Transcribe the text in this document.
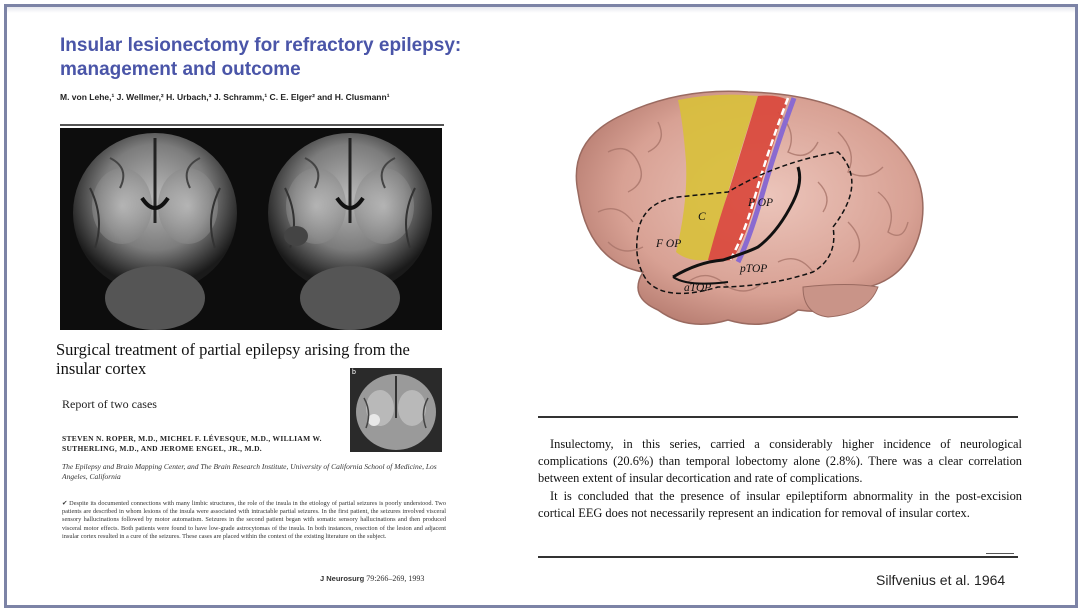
Insular lesionectomy for refractory epilepsy: management and outcome
M. von Lehe,¹ J. Wellmer,² H. Urbach,³ J. Schramm,¹ C. E. Elger² and H. Clusmann¹
Surgical treatment of partial epilepsy arising from the insular cortex
Report of two cases
STEVEN N. ROPER, M.D., MICHEL F. LÉVESQUE, M.D., WILLIAM W. SUTHERLING, M.D., AND JEROME ENGEL, JR., M.D.
The Epilepsy and Brain Mapping Center, and The Brain Research Institute, University of California School of Medicine, Los Angeles, California
b
✔ Despite its documented connections with many limbic structures, the role of the insula in the etiology of partial seizures is poorly understood. Two patients are described in whom lesions of the insula were associated with intractable partial seizures. In the first patient, the seizures involved visceral sensory hallucinations followed by motor automatism. Seizures in the second patient began with somatic sensory hallucinations and then produced visceral motor effects. Both patients were found to have low-grade astrocytomas of the insula. In both instances, resection of the lesion and adjacent insular cortex resulted in a cure of the seizures. These cases are placed within the context of the existing literature on the subject.
J Neurosurg 79:266–269, 1993
F OP
P OP
C
pTOP
aTOP

Insulectomy, in this series, carried a considerably higher incidence of neurological complications (20.6%) than temporal lobectomy alone (2.8%). There was a clear correlation between extent of insular decortication and rate of complications.

It is concluded that the presence of insular epileptiform abnormality in the post-excision cortical EEG does not necessarily represent an indication for removal of insular cortex.

Silfvenius et al. 1964
